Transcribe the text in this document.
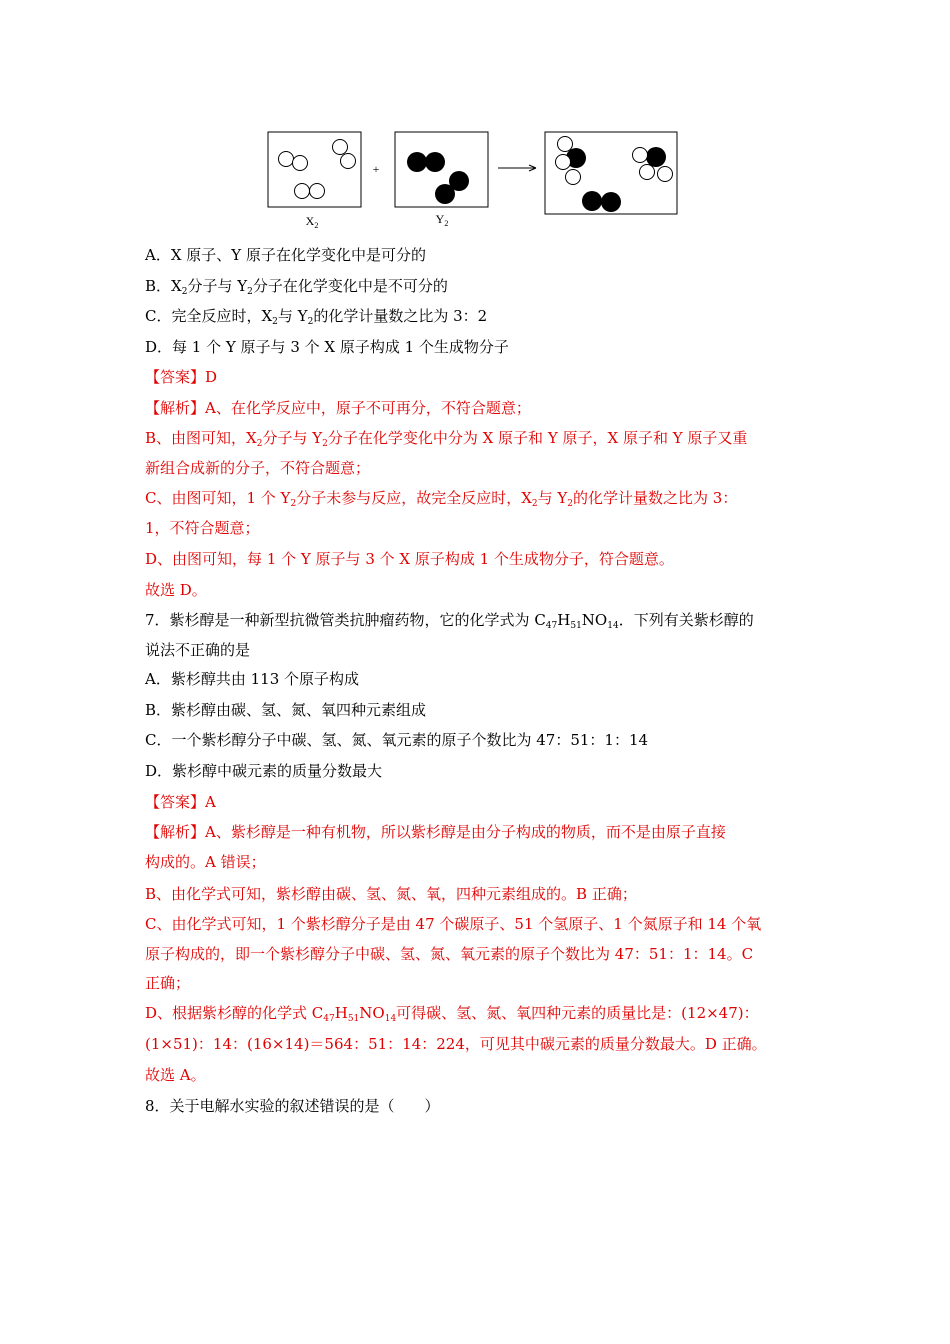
+
$X_2$	$Y_2$
A．X 原子、Y 原子在化学变化中是可分的
B．$X_2$分子与 $Y_2$分子在化学变化中是不可分的
C．完全反应时，$X_2$与 $Y_2$的化学计量数之比为 3：2
D．每 1 个 Y 原子与 3 个 X 原子构成 1 个生成物分子
【答案】D
【解析】A、在化学反应中，原子不可再分，不符合题意；
B、由图可知，$X_2$分子与 $Y_2$分子在化学变化中分为 X 原子和 Y 原子，X 原子和 Y 原子又重
新组合成新的分子，不符合题意；
C、由图可知，1 个 $Y_2$分子未参与反应，故完全反应时，$X_2$与 $Y_2$的化学计量数之比为 3：
1，不符合题意；
D、由图可知，每 1 个 Y 原子与 3 个 X 原子构成 1 个生成物分子，符合题意。
故选 D。
7．紫杉醇是一种新型抗微管类抗肿瘤药物，它的化学式为 $C_{47}H_{51}NO_{14}$．下列有关紫杉醇的
说法不正确的是
A．紫杉醇共由 113 个原子构成
B．紫杉醇由碳、氢、氮、氧四种元素组成
C．一个紫杉醇分子中碳、氢、氮、氧元素的原子个数比为 47：51：1：14
D．紫杉醇中碳元素的质量分数最大
【答案】A
【解析】A、紫杉醇是一种有机物，所以紫杉醇是由分子构成的物质，而不是由原子直接
构成的。A 错误；
B、由化学式可知，紫杉醇由碳、氢、氮、氧，四种元素组成的。B 正确；
C、由化学式可知，1 个紫杉醇分子是由 47 个碳原子、51 个氢原子、1 个氮原子和 14 个氧
原子构成的，即一个紫杉醇分子中碳、氢、氮、氧元素的原子个数比为 47：51：1：14。C
正确；
D、根据紫杉醇的化学式 $C_{47}H_{51}NO_{14}$可得碳、氢、氮、氧四种元素的质量比是：(12×47)：
(1×51)：14：(16×14)＝564：51：14：224，可见其中碳元素的质量分数最大。D 正确。
故选 A。
8．关于电解水实验的叙述错误的是（　　）
